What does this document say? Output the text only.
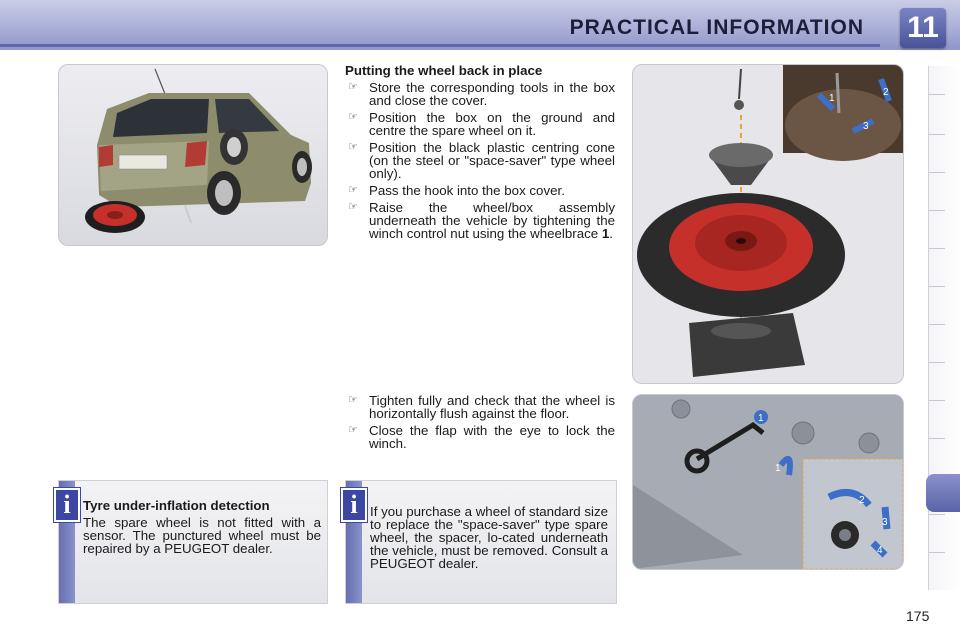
PRACTICAL INFORMATION 11
1
2
3
1
1
2
3
4
Putting the wheel back in place
☞ Store the corresponding tools in the box and close the cover.
☞ Position the box on the ground and centre the spare wheel on it.
☞ Position the black plastic centring cone (on the steel or "space-saver" type wheel only).
☞ Pass the hook into the box cover.
☞ Raise the wheel/box assembly underneath the vehicle by tightening the winch control nut using the wheelbrace 1.
☞ Tighten fully and check that the wheel is horizontally flush against the floor.
☞ Close the flap with the eye to lock the winch.
Tyre under-inflation detection
The spare wheel is not fitted with a sensor. The punctured wheel must be repaired by a PEUGEOT dealer.
i	If you purchase a wheel of standard size to replace the "space-saver" type spare wheel, the spacer, lo-cated underneath the vehicle, must be removed. Consult a PEUGEOT dealer.
i
175
